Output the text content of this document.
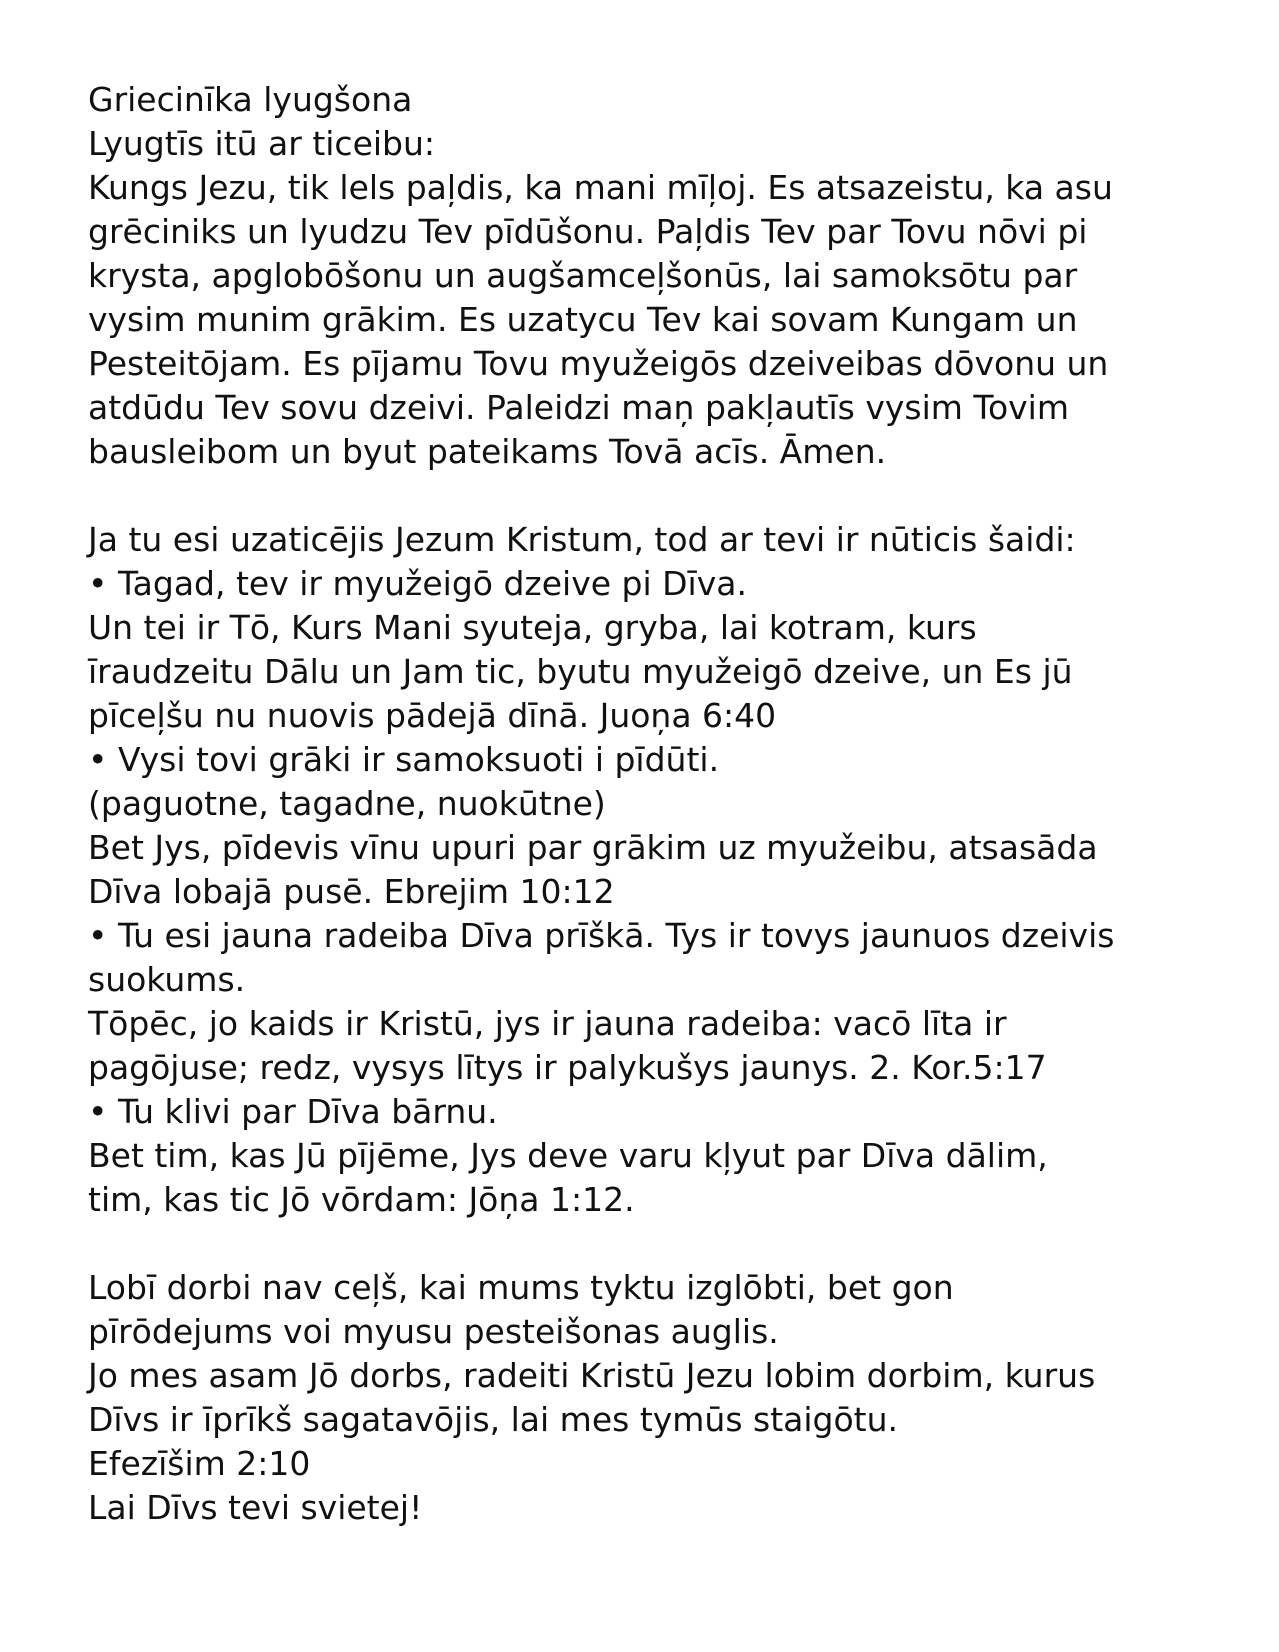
Griecinīka lyugšona
Lyugtīs itū ar ticeibu:
Kungs Jezu, tik lels paļdis, ka mani mīļoj. Es atsazeistu, ka asu
grēciniks un lyudzu Tev pīdūšonu. Paļdis Tev par Tovu nōvi pi
krysta, apglobōšonu un augšamceļšonūs, lai samoksōtu par
vysim munim grākim. Es uzatycu Tev kai sovam Kungam un
Pesteitōjam. Es pījamu Tovu myužeigōs dzeiveibas dōvonu un
atdūdu Tev sovu dzeivi. Paleidzi maņ pakļautīs vysim Tovim
bausleibom un byut pateikams Tovā acīs. Āmen.
Ja tu esi uzaticējis Jezum Kristum, tod ar tevi ir nūticis šaidi:
• Tagad, tev ir myužeigō dzeive pi Dīva.
Un tei ir Tō, Kurs Mani syuteja, gryba, lai kotram, kurs
īraudzeitu Dālu un Jam tic, byutu myužeigō dzeive, un Es jū
pīceļšu nu nuovis pādejā dīnā. Juoņa 6:40
• Vysi tovi grāki ir samoksuoti i pīdūti.
(paguotne, tagadne, nuokūtne)
Bet Jys, pīdevis vīnu upuri par grākim uz myužeibu, atsasāda
Dīva lobajā pusē. Ebrejim 10:12
• Tu esi jauna radeiba Dīva prīškā. Tys ir tovys jaunuos dzeivis
suokums.
Tōpēc, jo kaids ir Kristū, jys ir jauna radeiba: vacō līta ir
pagōjuse; redz, vysys lītys ir palykušys jaunys. 2. Kor.5:17
• Tu klivi par Dīva bārnu.
Bet tim, kas Jū pījēme, Jys deve varu kļyut par Dīva dālim,
tim, kas tic Jō vōrdam: Jōņa 1:12.
Lobī dorbi nav ceļš, kai mums tyktu izglōbti, bet gon
pīrōdejums voi myusu pesteišonas auglis.
Jo mes asam Jō dorbs, radeiti Kristū Jezu lobim dorbim, kurus
Dīvs ir īprīkš sagatavōjis, lai mes tymūs staigōtu.
Efezīšim 2:10
Lai Dīvs tevi svietej!
